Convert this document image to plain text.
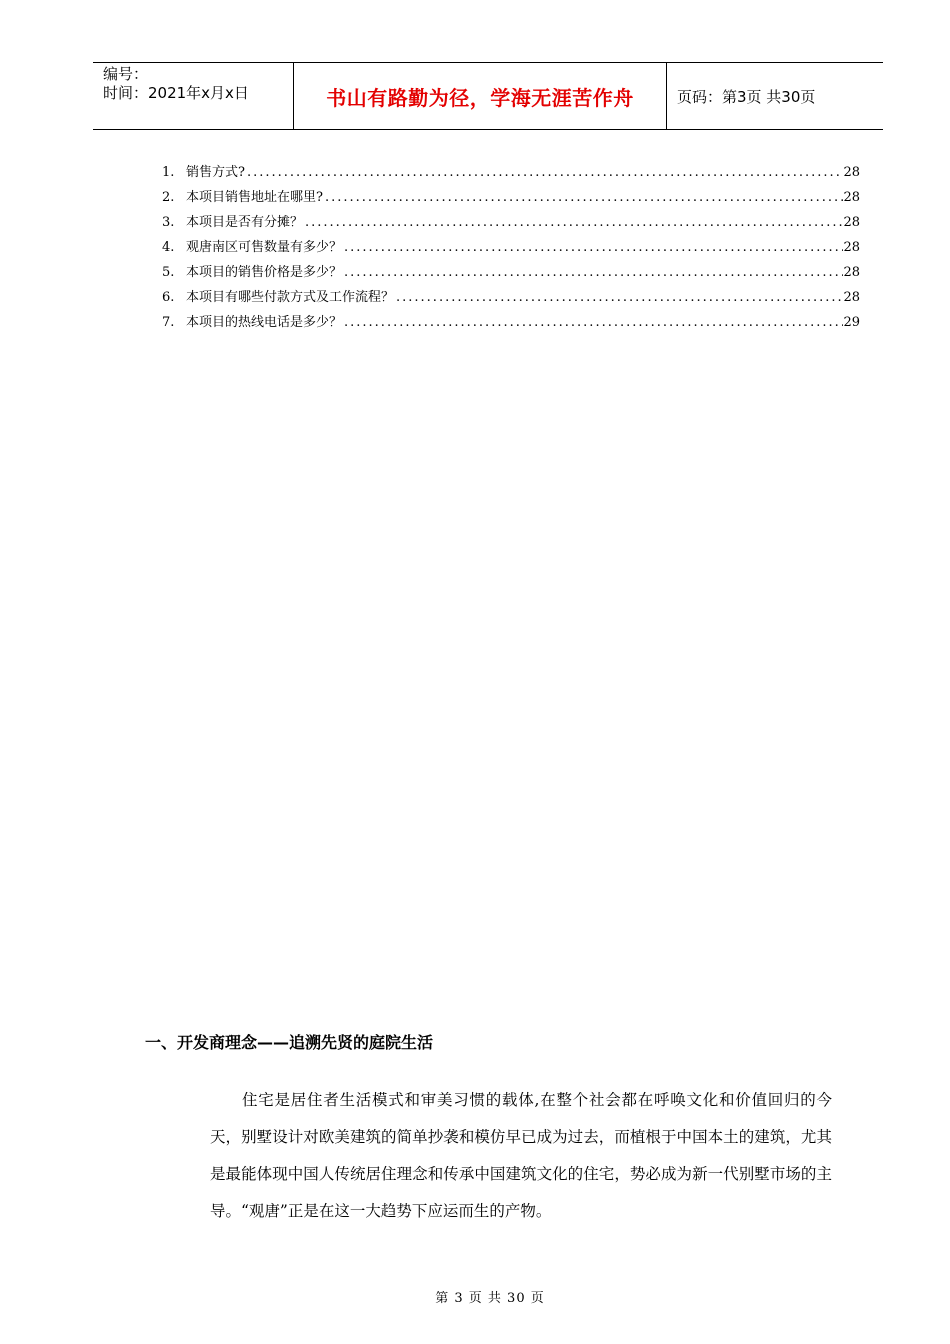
编号：
时间：2021年x月x日	书山有路勤为径，学海无涯苦作舟	页码：第3页 共30页
1. 销售方式? .....	28
2. 本项目销售地址在哪里? .....	28
3. 本项目是否有分摊？ .....	28
4. 观唐南区可售数量有多少？ .....	28
5. 本项目的销售价格是多少？ .....	28
6. 本项目有哪些付款方式及工作流程？ .....	28
7. 本项目的热线电话是多少？ .....	29
一、开发商理念——追溯先贤的庭院生活

住宅是居住者生活模式和审美习惯的载体,在整个社会都在呼唤文化和价值回归的今天，别墅设计对欧美建筑的简单抄袭和模仿早已成为过去，而植根于中国本土的建筑，尤其是最能体现中国人传统居住理念和传承中国建筑文化的住宅，势必成为新一代别墅市场的主导。“观唐”正是在这一大趋势下应运而生的产物。

第 3 页 共 30 页
